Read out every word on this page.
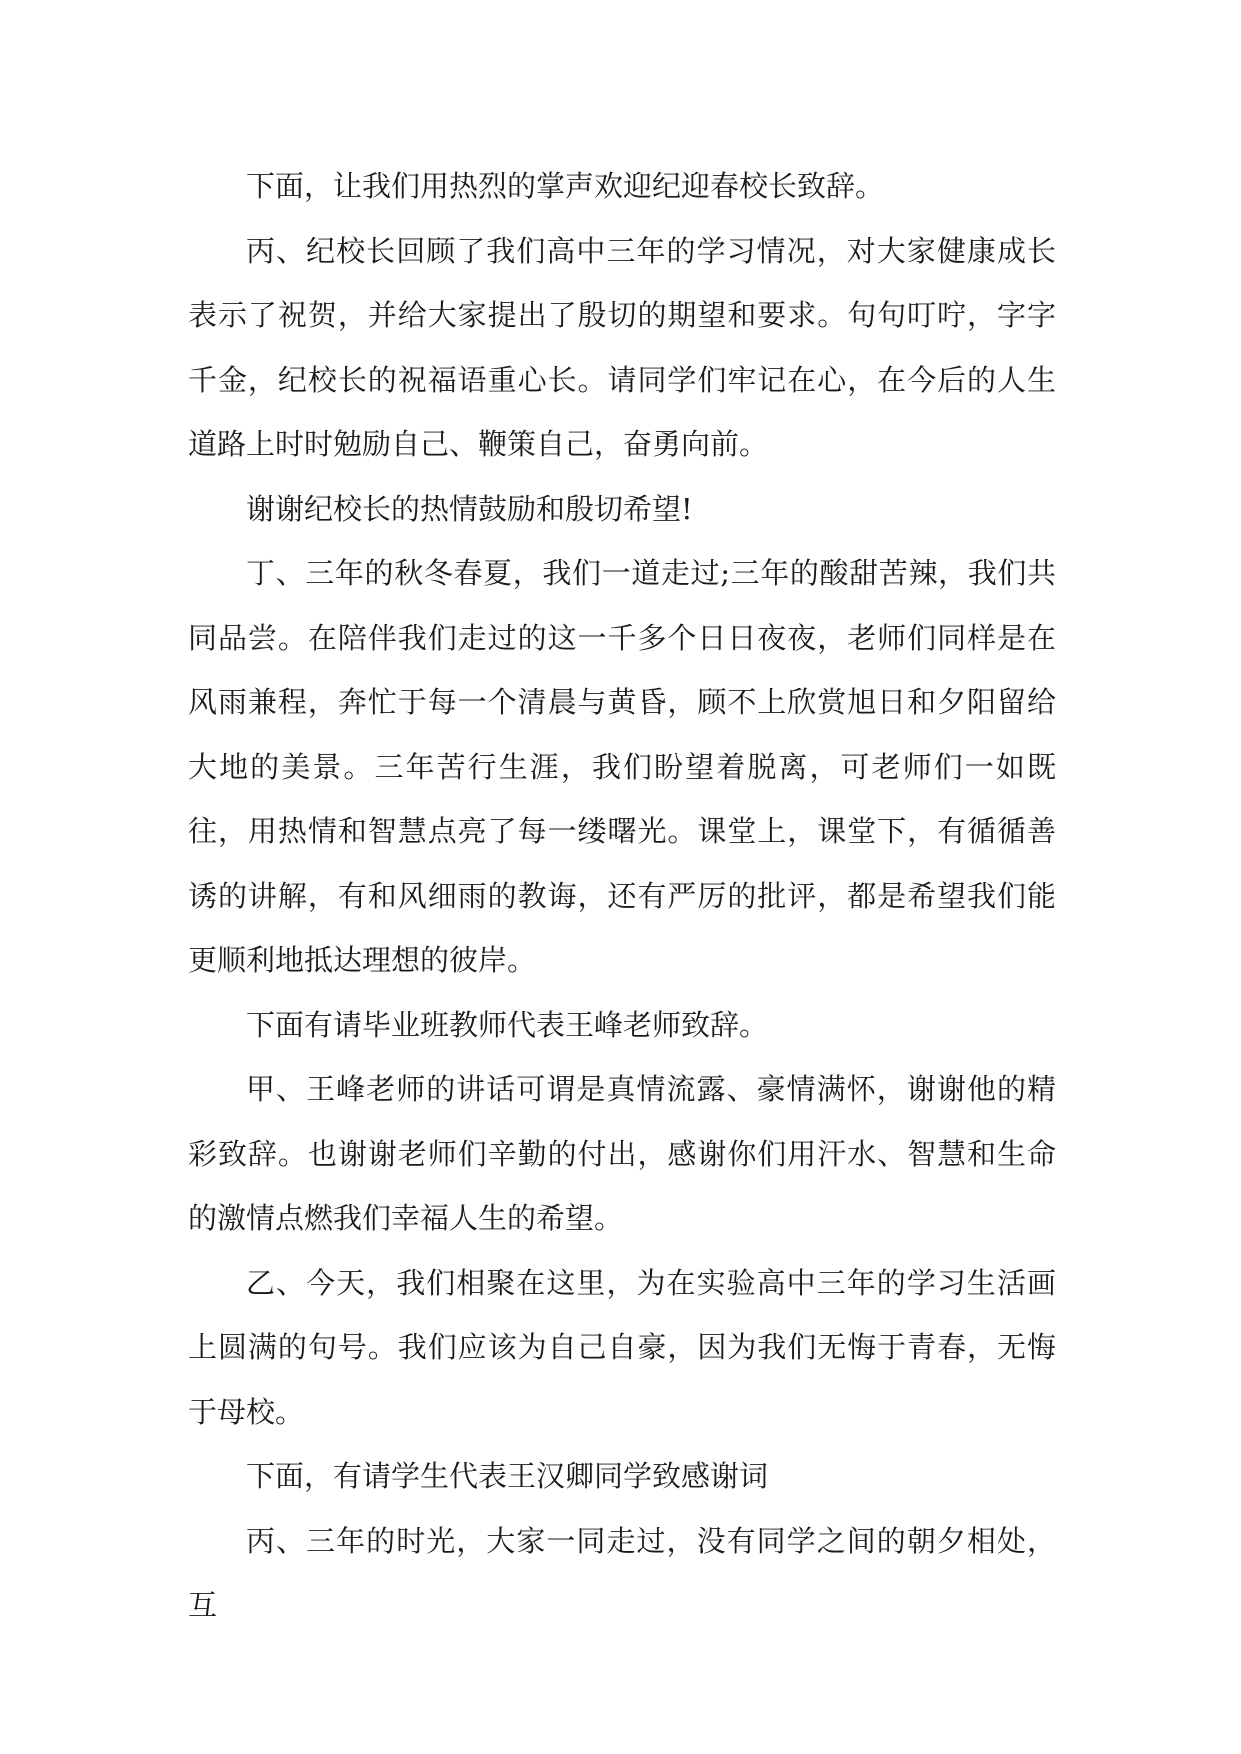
下面，让我们用热烈的掌声欢迎纪迎春校长致辞。

丙、纪校长回顾了我们高中三年的学习情况，对大家健康成长表示了祝贺，并给大家提出了殷切的期望和要求。句句叮咛，字字千金，纪校长的祝福语重心长。请同学们牢记在心，在今后的人生道路上时时勉励自己、鞭策自己，奋勇向前。

谢谢纪校长的热情鼓励和殷切希望!

丁、三年的秋冬春夏，我们一道走过;三年的酸甜苦辣，我们共同品尝。在陪伴我们走过的这一千多个日日夜夜，老师们同样是在风雨兼程，奔忙于每一个清晨与黄昏，顾不上欣赏旭日和夕阳留给大地的美景。三年苦行生涯，我们盼望着脱离，可老师们一如既往，用热情和智慧点亮了每一缕曙光。课堂上，课堂下，有循循善诱的讲解，有和风细雨的教诲，还有严厉的批评，都是希望我们能更顺利地抵达理想的彼岸。

下面有请毕业班教师代表王峰老师致辞。

甲、王峰老师的讲话可谓是真情流露、豪情满怀，谢谢他的精彩致辞。也谢谢老师们辛勤的付出，感谢你们用汗水、智慧和生命的激情点燃我们幸福人生的希望。

乙、今天，我们相聚在这里，为在实验高中三年的学习生活画上圆满的句号。我们应该为自己自豪，因为我们无悔于青春，无悔于母校。

下面，有请学生代表王汉卿同学致感谢词

丙、三年的时光，大家一同走过，没有同学之间的朝夕相处，互
